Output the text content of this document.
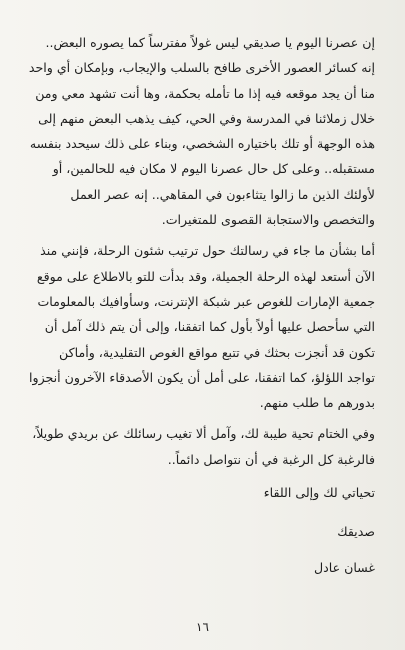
إن عصرنا اليوم يا صديقي ليس غولاً مفترساً كما يصوره البعض.. إنه كسائر العصور الأخرى طافح بالسلب والإيجاب، وبإمكان أي واحد منا أن يجد موقعه فيه إذا ما تأمله بحكمة، وها أنت تشهد معي ومن خلال زملائنا في المدرسة وفي الحي، كيف يذهب البعض منهم إلى هذه الوجهة أو تلك باختياره الشخصي، وبناء على ذلك سيحدد بنفسه مستقبله.. وعلى كل حال عصرنا اليوم لا مكان فيه للحالمين، أو لأولئك الذين ما زالوا يتثاءبون في المقاهي.. إنه عصر العمل والتخصص والاستجابة القصوى للمتغيرات.

أما بشأن ما جاء في رسالتك حول ترتيب شئون الرحلة، فإنني منذ الآن أستعد لهذه الرحلة الجميلة، وقد بدأت للتو بالاطلاع على موقع جمعية الإمارات للغوص عبر شبكة الإنترنت، وسأوافيك بالمعلومات التي سأحصل عليها أولاً بأول كما اتفقنا، وإلى أن يتم ذلك آمل أن تكون قد أنجزت بحثك في تتبع مواقع الغوص التقليدية، وأماكن تواجد اللؤلؤ، كما اتفقنا، على أمل أن يكون الأصدقاء الآخرون أنجزوا بدورهم ما طلب منهم.

وفي الختام تحية طيبة لك، وآمل ألا تغيب رسائلك عن بريدي طويلاً، فالرغبة كل الرغبة في أن نتواصل دائماً..

تحياتي لك وإلى اللقاء

صديقك

غسان عادل

١٦
